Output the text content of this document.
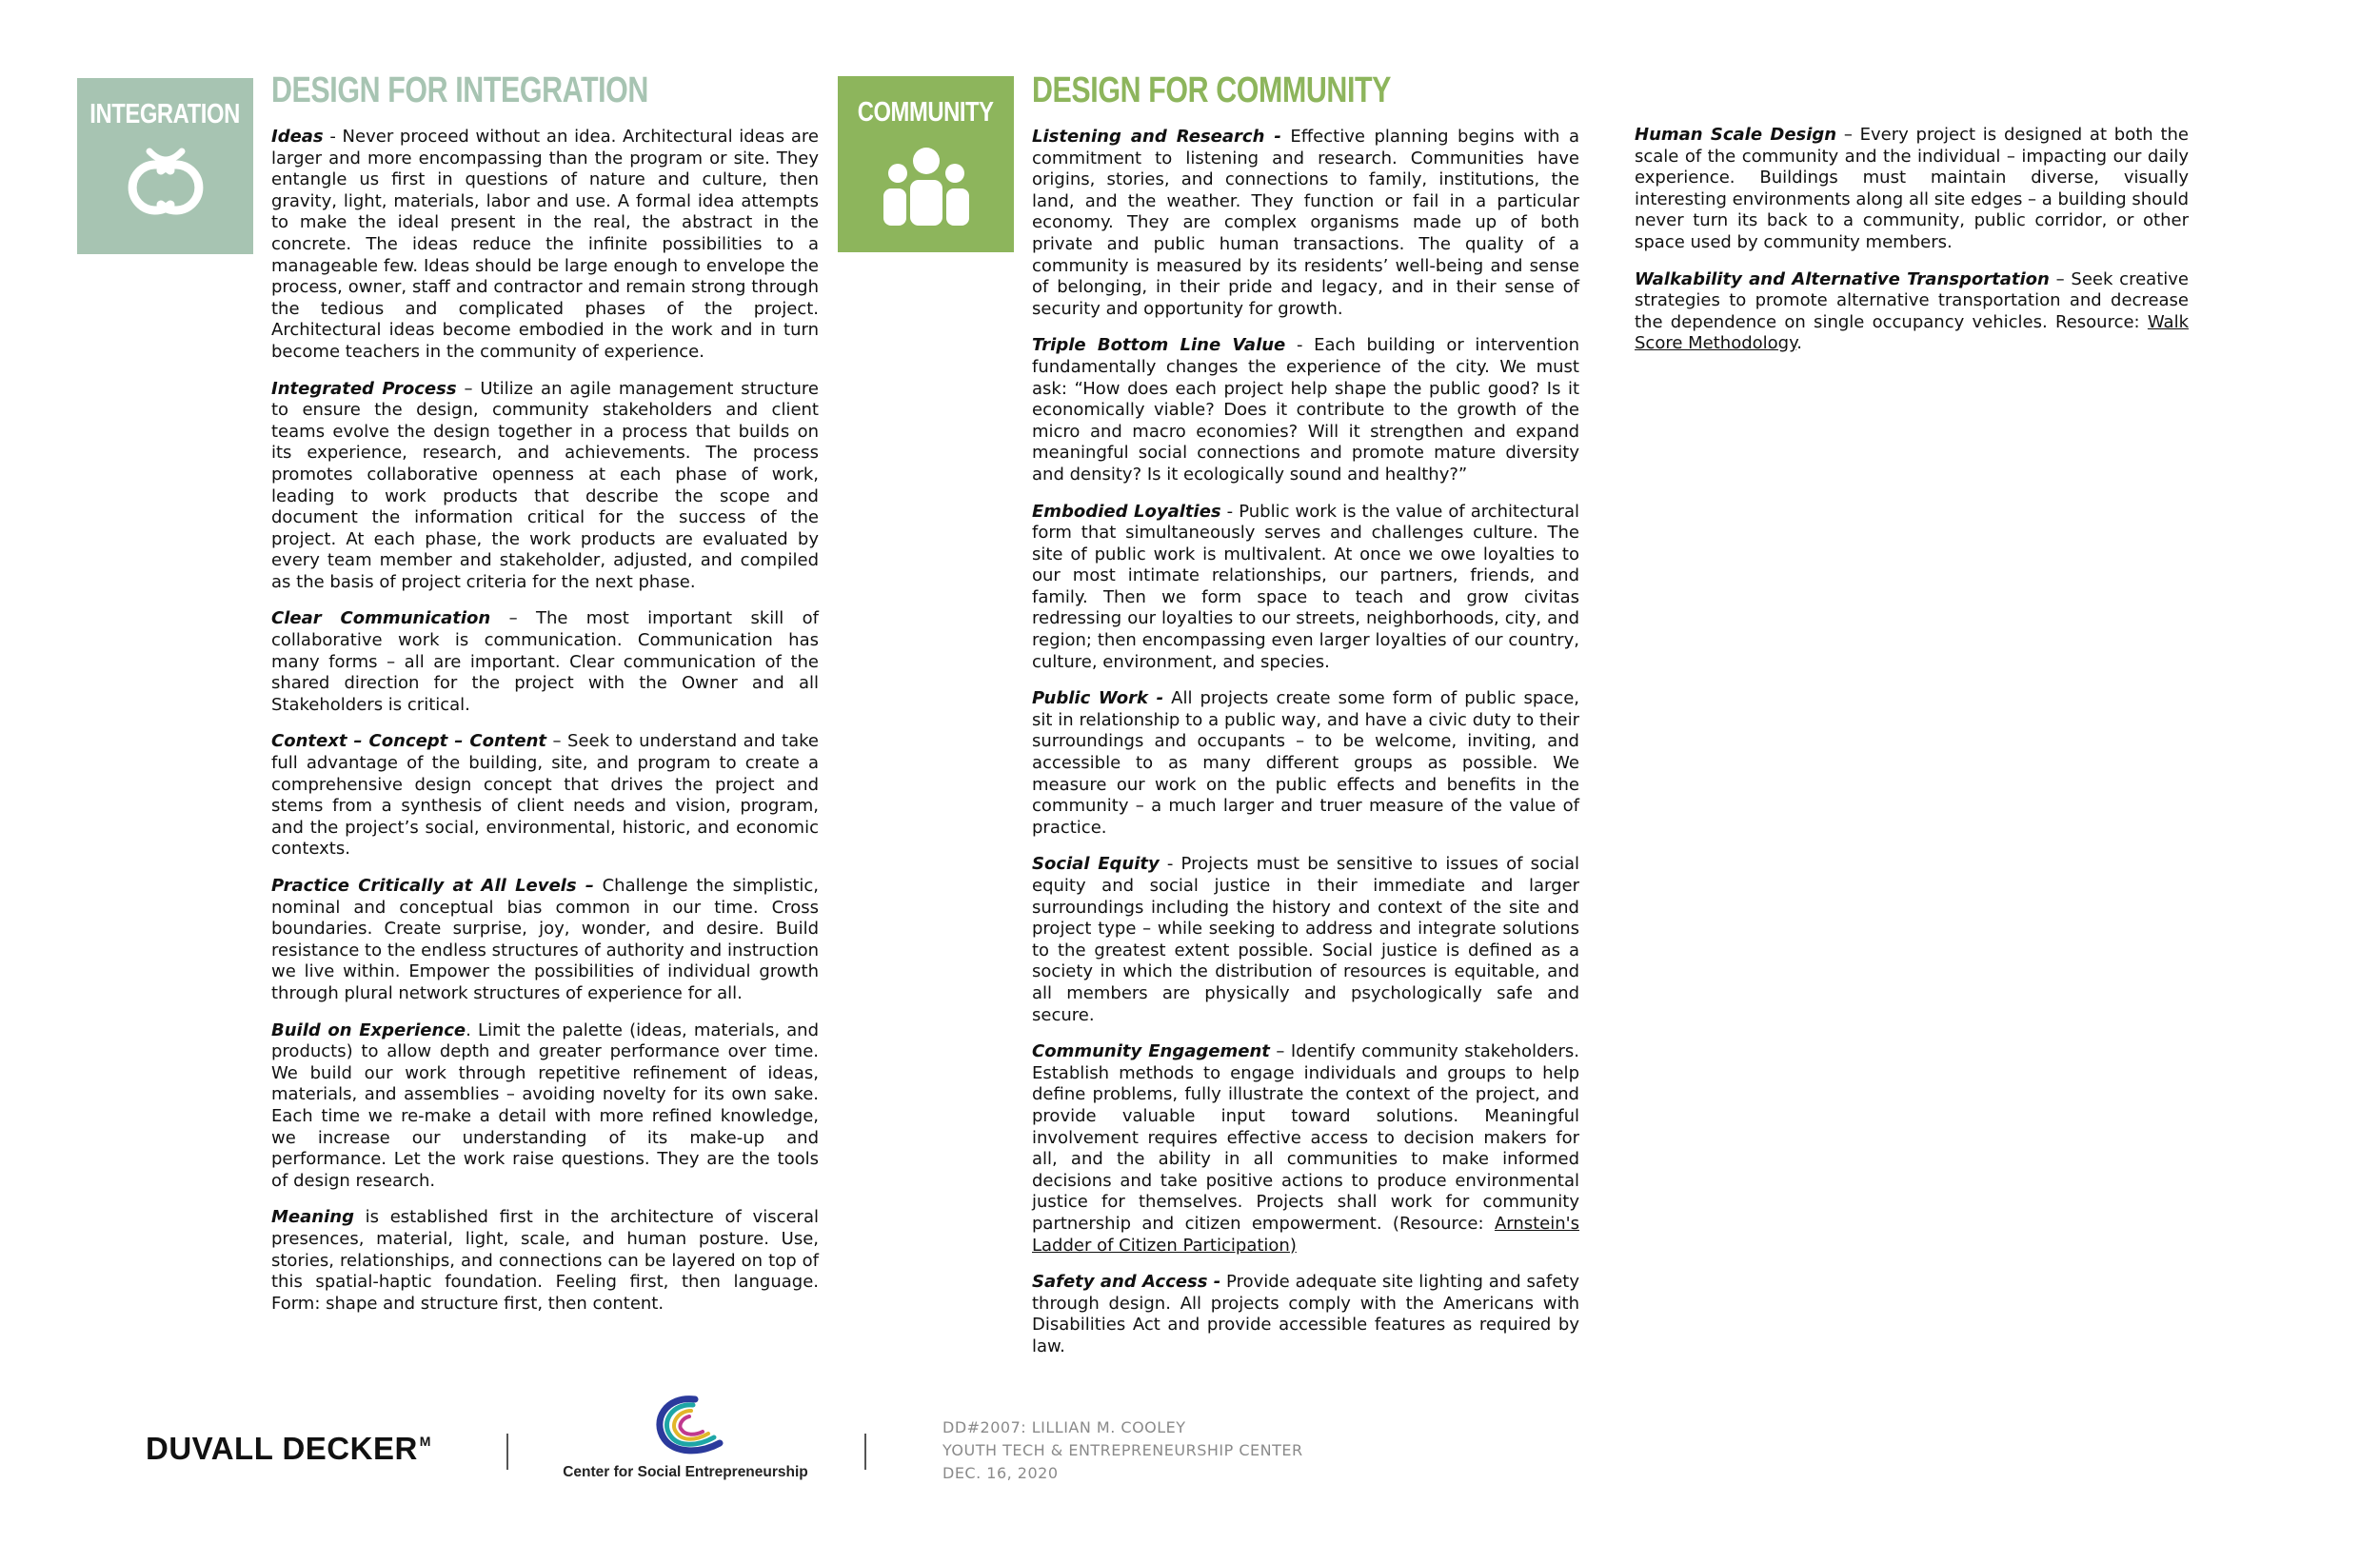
INTEGRATION
DESIGN FOR INTEGRATION
COMMUNITY
DESIGN FOR COMMUNITY

Ideas - Never proceed without an idea. Architectural ideas are larger and more encompassing than the program or site. They entangle us first in questions of nature and culture, then gravity, light, materials, labor and use. A formal idea attempts to make the ideal present in the real, the abstract in the concrete. The ideas reduce the infinite possibilities to a manageable few. Ideas should be large enough to envelope the process, owner, staff and contractor and remain strong through the tedious and complicated phases of the project. Architectural ideas become embodied in the work and in turn become teachers in the community of experience.

Integrated Process – Utilize an agile management structure to ensure the design, community stakeholders and client teams evolve the design together in a process that builds on its experience, research, and achievements. The process promotes collaborative openness at each phase of work, leading to work products that describe the scope and document the information critical for the success of the project. At each phase, the work products are evaluated by every team member and stakeholder, adjusted, and compiled as the basis of project criteria for the next phase.

Clear Communication – The most important skill of collaborative work is communication. Communication has many forms – all are important. Clear communication of the shared direction for the project with the Owner and all Stakeholders is critical.

Context – Concept – Content – Seek to understand and take full advantage of the building, site, and program to create a comprehensive design concept that drives the project and stems from a synthesis of client needs and vision, program, and the project’s social, environmental, historic, and economic contexts.

Practice Critically at All Levels – Challenge the simplistic, nominal and conceptual bias common in our time. Cross boundaries. Create surprise, joy, wonder, and desire. Build resistance to the endless structures of authority and instruction we live within. Empower the possibilities of individual growth through plural network structures of experience for all.

Build on Experience. Limit the palette (ideas, materials, and products) to allow depth and greater performance over time. We build our work through repetitive refinement of ideas, materials, and assemblies – avoiding novelty for its own sake. Each time we re-make a detail with more refined knowledge, we increase our understanding of its make-up and performance. Let the work raise questions. They are the tools of design research.

Meaning is established first in the architecture of visceral presences, material, light, scale, and human posture. Use, stories, relationships, and connections can be layered on top of this spatial-haptic foundation. Feeling first, then language. Form: shape and structure first, then content.

Listening and Research - Effective planning begins with a commitment to listening and research. Communities have origins, stories, and connections to family, institutions, the land, and the weather. They function or fail in a particular economy. They are complex organisms made up of both private and public human transactions. The quality of a community is measured by its residents’ well-being and sense of belonging, in their pride and legacy, and in their sense of security and opportunity for growth.

Triple Bottom Line Value - Each building or intervention fundamentally changes the experience of the city. We must ask: “How does each project help shape the public good? Is it economically viable? Does it contribute to the growth of the micro and macro economies? Will it strengthen and expand meaningful social connections and promote mature diversity and density? Is it ecologically sound and healthy?”

Embodied Loyalties - Public work is the value of architectural form that simultaneously serves and challenges culture. The site of public work is multivalent. At once we owe loyalties to our most intimate relationships, our partners, friends, and family. Then we form space to teach and grow civitas redressing our loyalties to our streets, neighborhoods, city, and region; then encompassing even larger loyalties of our country, culture, environment, and species.

Public Work - All projects create some form of public space, sit in relationship to a public way, and have a civic duty to their surroundings and occupants – to be welcome, inviting, and accessible to as many different groups as possible. We measure our work on the public effects and benefits in the community – a much larger and truer measure of the value of practice.

Social Equity - Projects must be sensitive to issues of social equity and social justice in their immediate and larger surroundings including the history and context of the site and project type – while seeking to address and integrate solutions to the greatest extent possible. Social justice is defined as a society in which the distribution of resources is equitable, and all members are physically and psychologically safe and secure.

Community Engagement – Identify community stakeholders. Establish methods to engage individuals and groups to help define problems, fully illustrate the context of the project, and provide valuable input toward solutions. Meaningful involvement requires effective access to decision makers for all, and the ability in all communities to make informed decisions and take positive actions to produce environmental justice for themselves. Projects shall work for community partnership and citizen empowerment. (Resource: Arnstein's Ladder of Citizen Participation)

Safety and Access - Provide adequate site lighting and safety through design. All projects comply with the Americans with Disabilities Act and provide accessible features as required by law.

Human Scale Design – Every project is designed at both the scale of the community and the individual – impacting our daily experience. Buildings must maintain diverse, visually interesting environments along all site edges – a building should never turn its back to a community, public corridor, or other space used by community members.

Walkability and Alternative Transportation – Seek creative strategies to promote alternative transportation and decrease the dependence on single occupancy vehicles. Resource: Walk Score Methodology.

DUVALL DECKER $^M$
Center for Social Entrepreneurship
DD#2007: LILLIAN M. COOLEY
YOUTH TECH & ENTREPRENEURSHIP CENTER
DEC. 16, 2020
